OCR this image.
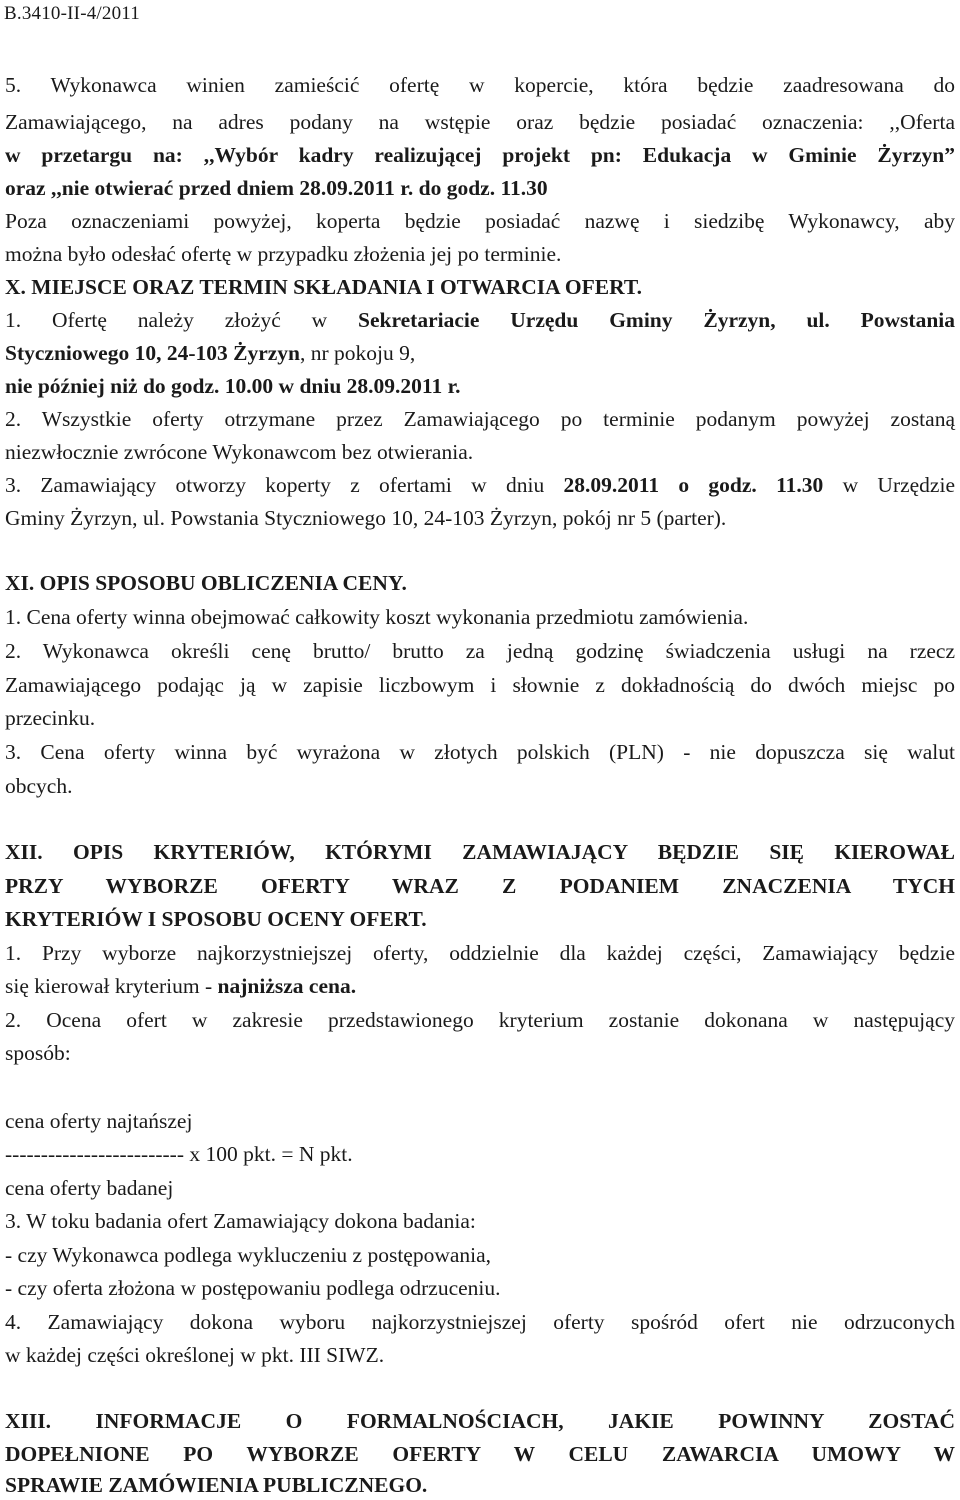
B.3410-II-4/2011
5. Wykonawca winien zamieścić ofertę w kopercie, która będzie zaadresowana do
Zamawiającego, na adres podany na wstępie oraz będzie posiadać oznaczenia: ,,Oferta
w przetargu na: ,,Wybór kadry realizującej projekt pn: Edukacja w Gminie Żyrzyn”
oraz ,,nie otwierać przed dniem 28.09.2011 r. do godz. 11.30
Poza oznaczeniami powyżej, koperta będzie posiadać nazwę i siedzibę Wykonawcy, aby
można było odesłać ofertę w przypadku złożenia jej po terminie.
X. MIEJSCE ORAZ TERMIN SKŁADANIA I OTWARCIA OFERT.
1. Ofertę należy złożyć w Sekretariacie Urzędu Gminy Żyrzyn, ul. Powstania
Styczniowego 10, 24-103 Żyrzyn, nr pokoju 9,
nie później niż do godz. 10.00 w dniu 28.09.2011 r.
2. Wszystkie oferty otrzymane przez Zamawiającego po terminie podanym powyżej zostaną
niezwłocznie zwrócone Wykonawcom bez otwierania.
3. Zamawiający otworzy koperty z ofertami w dniu 28.09.2011 o godz. 11.30 w Urzędzie
Gminy Żyrzyn, ul. Powstania Styczniowego 10, 24-103 Żyrzyn, pokój nr 5 (parter).
XI. OPIS SPOSOBU OBLICZENIA CENY.
1. Cena oferty winna obejmować całkowity koszt wykonania przedmiotu zamówienia.
2. Wykonawca określi cenę brutto/ brutto za jedną godzinę świadczenia usługi na rzecz
Zamawiającego podając ją w zapisie liczbowym i słownie z dokładnością do dwóch miejsc po
przecinku.
3. Cena oferty winna być wyrażona w złotych polskich (PLN) - nie dopuszcza się walut
obcych.
XII. OPIS KRYTERIÓW, KTÓRYMI ZAMAWIAJĄCY BĘDZIE SIĘ KIEROWAŁ
PRZY WYBORZE OFERTY WRAZ Z PODANIEM ZNACZENIA TYCH
KRYTERIÓW I SPOSOBU OCENY OFERT.
1. Przy wyborze najkorzystniejszej oferty, oddzielnie dla każdej części, Zamawiający będzie
się kierował kryterium - najniższa cena.
2. Ocena ofert w zakresie przedstawionego kryterium zostanie dokonana w następujący
sposób:
cena oferty najtańszej
------------------------- x 100 pkt. = N pkt.
cena oferty badanej
3. W toku badania ofert Zamawiający dokona badania:
- czy Wykonawca podlega wykluczeniu z postępowania,
- czy oferta złożona w postępowaniu podlega odrzuceniu.
4. Zamawiający dokona wyboru najkorzystniejszej oferty spośród ofert nie odrzuconych
w każdej części określonej w pkt. III SIWZ.
XIII. INFORMACJE O FORMALNOŚCIACH, JAKIE POWINNY ZOSTAĆ
DOPEŁNIONE PO WYBORZE OFERTY W CELU ZAWARCIA UMOWY W
SPRAWIE ZAMÓWIENIA PUBLICZNEGO.
